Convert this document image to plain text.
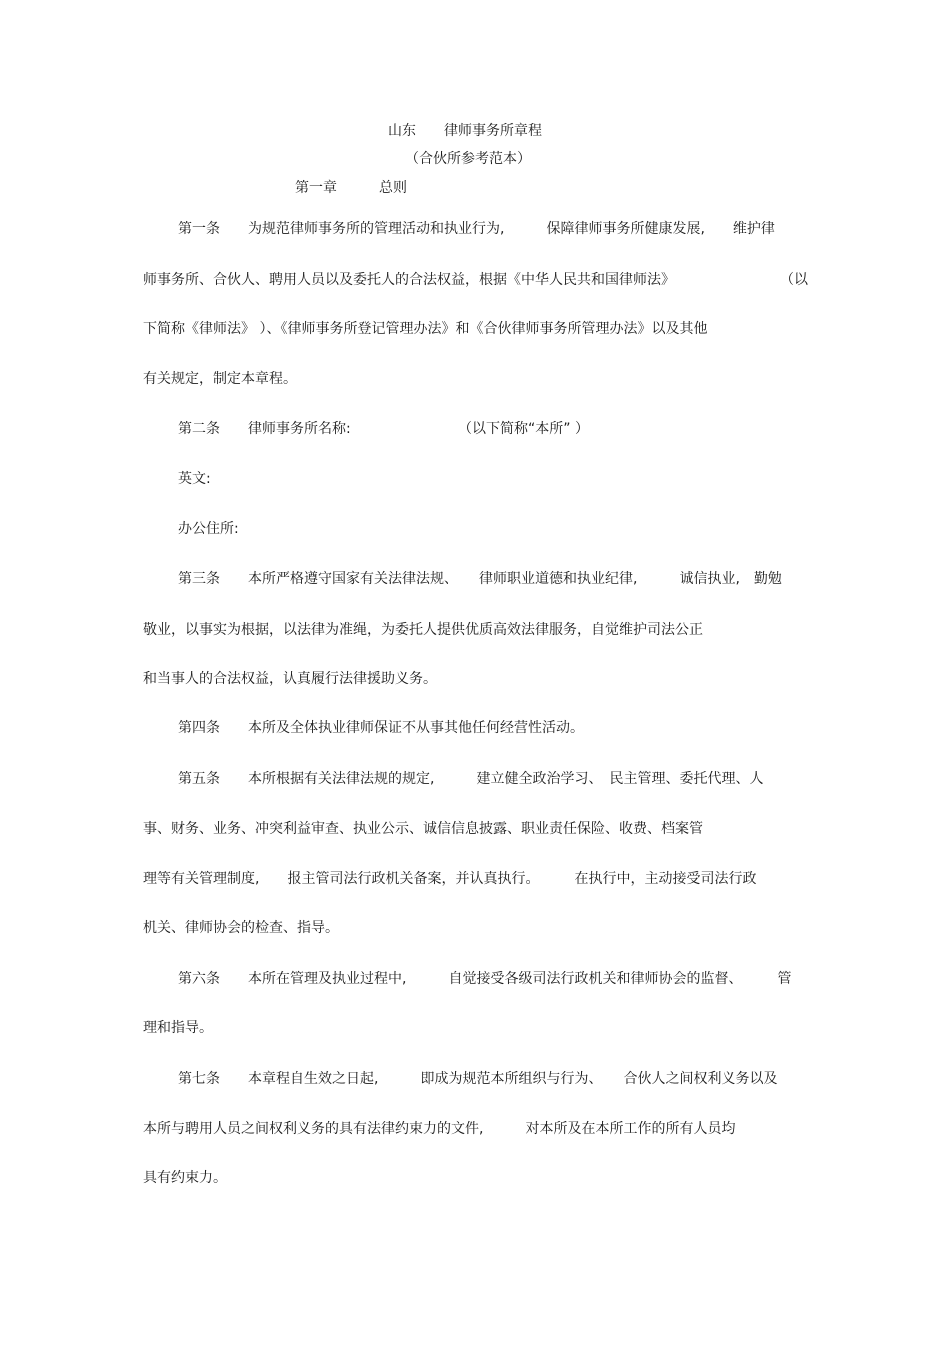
山东　　律师事务所章程
（合伙所参考范本）
第一章　　　总则
第一条　　为规范律师事务所的管理活动和执业行为,　　　保障律师事务所健康发展,　　维护律
师事务所、合伙人、聘用人员以及委托人的合法权益，根据《中华人民共和国律师法》	（以
下简称《律师法》 ）、《律师事务所登记管理办法》和《合伙律师事务所管理办法》以及其他
有关规定，制定本章程。
第二条　　律师事务所名称:	（以下简称“本所” ）
英文:
办公住所:
第三条　　本所严格遵守国家有关法律法规、　　律师职业道德和执业纪律,　　　诚信执业,　勤勉
敬业，以事实为根据，以法律为准绳，为委托人提供优质高效法律服务，自觉维护司法公正
和当事人的合法权益，认真履行法律援助义务。
第四条　　本所及全体执业律师保证不从事其他任何经营性活动。
第五条　　本所根据有关法律法规的规定,　　　建立健全政治学习、　民主管理、委托代理、人
事、财务、业务、冲突利益审查、执业公示、诚信信息披露、职业责任保险、收费、档案管
理等有关管理制度,　　报主管司法行政机关备案，并认真执行。　　　在执行中，主动接受司法行政
机关、律师协会的检查、指导。
第六条　　本所在管理及执业过程中,　　　自觉接受各级司法行政机关和律师协会的监督、　　　管
理和指导。
第七条　　本章程自生效之日起,　　　即成为规范本所组织与行为、　　合伙人之间权利义务以及
本所与聘用人员之间权利义务的具有法律约束力的文件,　　　对本所及在本所工作的所有人员均
具有约束力。
